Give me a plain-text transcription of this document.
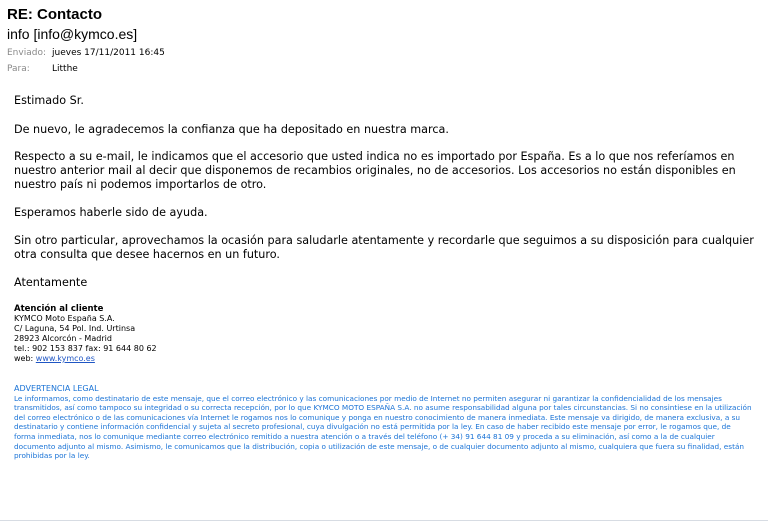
RE: Contacto
info [info@kymco.es]
Enviado: jueves 17/11/2011 16:45
Para: Litthe

Estimado Sr.

De nuevo, le agradecemos la confianza que ha depositado en nuestra marca.

Respecto a su e-mail, le indicamos que el accesorio que usted indica no es importado por España. Es a lo que nos referíamos en nuestro anterior mail al decir que disponemos de recambios originales, no de accesorios. Los accesorios no están disponibles en nuestro país ni podemos importarlos de otro.

Esperamos haberle sido de ayuda.

Sin otro particular, aprovechamos la ocasión para saludarle atentamente y recordarle que seguimos a su disposición para cualquier otra consulta que desee hacernos en un futuro.

Atentamente

Atención al cliente
KYMCO Moto España S.A.
C/ Laguna, 54 Pol. Ind. Urtinsa
28923 Alcorcón - Madrid
tel.: 902 153 837 fax: 91 644 80 62
web: www.kymco.es
ADVERTENCIA LEGAL

Le informamos, como destinatario de este mensaje, que el correo electrónico y las comunicaciones por medio de Internet no permiten asegurar ni garantizar la confidencialidad de los mensajes transmitidos, así como tampoco su integridad o su correcta recepción, por lo que KYMCO MOTO ESPAÑA S.A. no asume responsabilidad alguna por tales circunstancias. Si no consintiese en la utilización del correo electrónico o de las comunicaciones vía Internet le rogamos nos lo comunique y ponga en nuestro conocimiento de manera inmediata. Este mensaje va dirigido, de manera exclusiva, a su destinatario y contiene información confidencial y sujeta al secreto profesional, cuya divulgación no está permitida por la ley. En caso de haber recibido este mensaje por error, le rogamos que, de forma inmediata, nos lo comunique mediante correo electrónico remitido a nuestra atención o a través del teléfono (+ 34) 91 644 81 09 y proceda a su eliminación, así como a la de cualquier documento adjunto al mismo. Asimismo, le comunicamos que la distribución, copia o utilización de este mensaje, o de cualquier documento adjunto al mismo, cualquiera que fuera su finalidad, están prohibidas por la ley.
